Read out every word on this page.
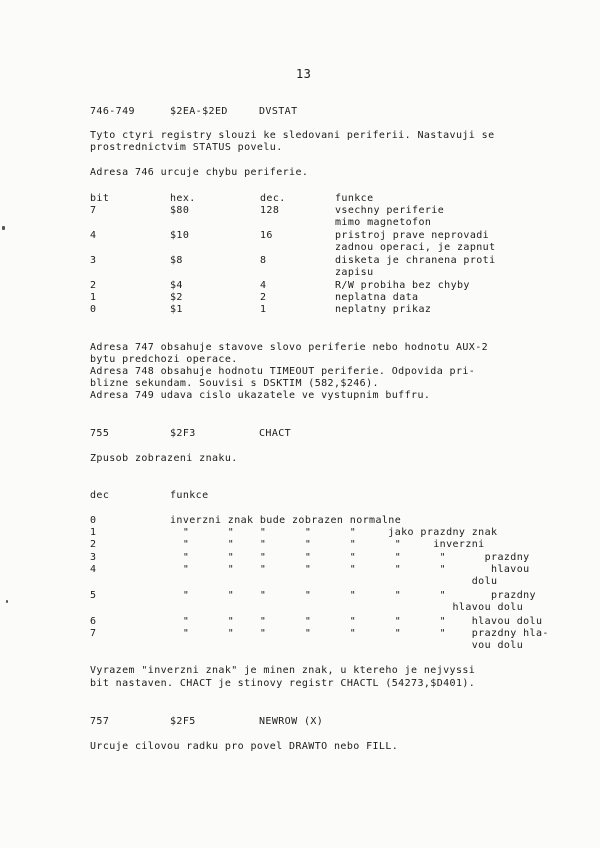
13
746-749	$2EA-$2ED	DVSTAT
Tyto ctyri registry slouzi ke sledovani periferii. Nastavuji se prostrednictvim STATUS povelu.
Adresa 746 urcuje chybu periferie.
bit	hex.	dec.	funkce
7	$80	128	vsechny periferie
mimo magnetofon
4	$10	16	pristroj prave neprovadi
zadnou operaci, je zapnut
3	$8	8	disketa je chranena proti
zapisu
2	$4	4	R/W probiha bez chyby
1	$2	2	neplatna data
0	$1	1	neplatny prikaz
Adresa 747 obsahuje stavove slovo periferie nebo hodnotu AUX-2
bytu predchozi operace.
Adresa 748 obsahuje hodnotu TIMEOUT periferie. Odpovida pri-
blizne sekundam. Souvisi s DSKTIM (582,$246).
Adresa 749 udava cislo ukazatele ve vystupnim buffru.
755	$2F3	CHACT
Zpusob zobrazeni znaku.
dec	funkce
0	inverzni znak bude zobrazen normalne
1	"      "    "      "      "     jako prazdny znak
2	"      "    "      "      "      "     inverzni
3	"      "    "      "      "      "      "      prazdny
4	"      "    "      "      "      "      "       hlavou
dolu
5	"      "    "      "      "      "      "       prazdny
hlavou dolu
6	"      "    "      "      "      "      "    hlavou dolu
7	"      "    "      "      "      "      "    prazdny hla-
vou dolu
Vyrazem "inverzni znak" je minen znak, u ktereho je nejvyssi
bit nastaven. CHACT je stinovy registr CHACTL (54273,$D401).
757	$2F5	NEWROW (X)
Urcuje cilovou radku pro povel DRAWTO nebo FILL.
